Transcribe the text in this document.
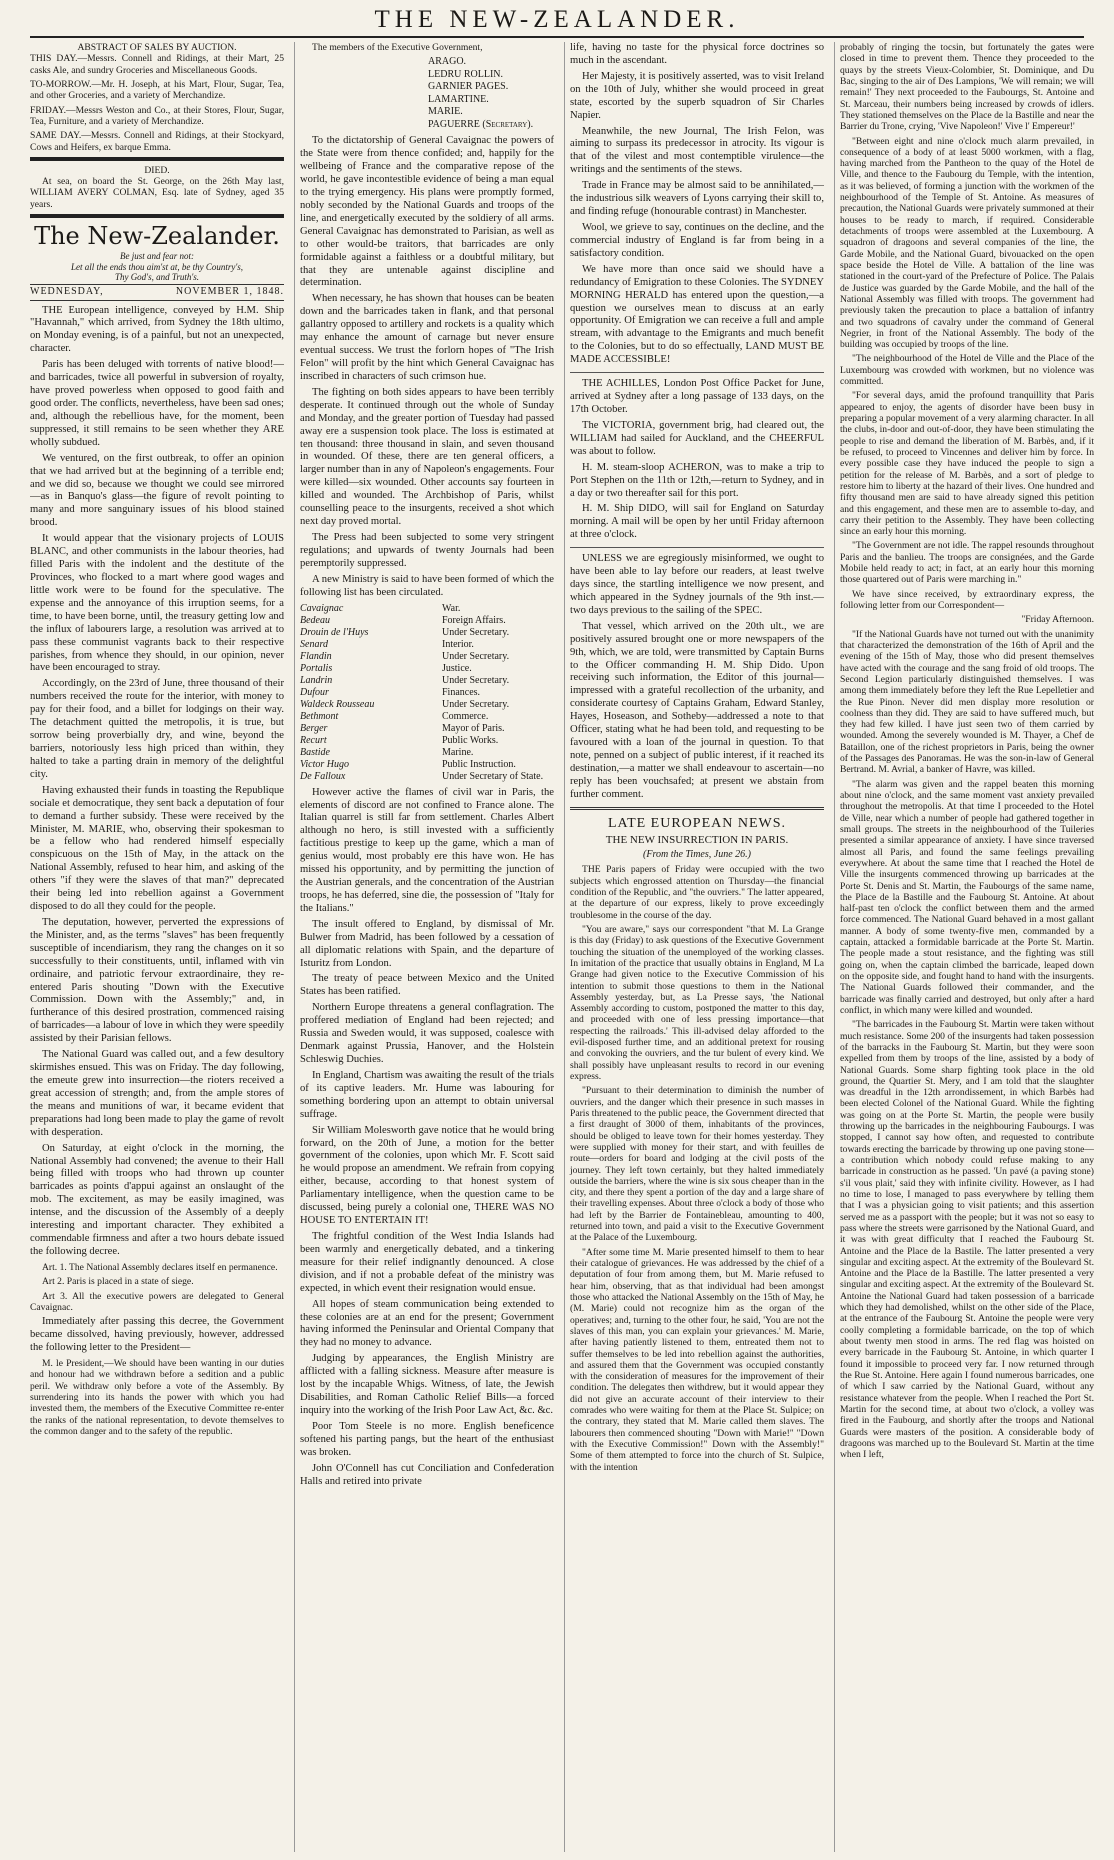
THE NEW-ZEALANDER.
ABSTRACT OF SALES BY AUCTION.

THIS DAY.—Messrs. Connell and Ridings, at their Mart, 25 casks Ale, and sundry Groceries and Miscellaneous Goods.

TO-MORROW.—Mr. H. Joseph, at his Mart, Flour, Sugar, Tea, and other Groceries, and a variety of Merchandize.

FRIDAY.—Messrs Weston and Co., at their Stores, Flour, Sugar, Tea, Furniture, and a variety of Merchandize.

SAME DAY.—Messrs. Connell and Ridings, at their Stockyard, Cows and Heifers, ex barque Emma.

DIED.

At sea, on board the St. George, on the 26th May last, WILLIAM AVERY COLMAN, Esq. late of Sydney, aged 35 years.

The New-Zealander.
Be just and fear not:
Let all the ends thou aim'st at, be thy Country's,
Thy God's, and Truth's.
WEDNESDAY,	NOVEMBER 1, 1848.

THE European intelligence, conveyed by H.M. Ship "Havannah," which arrived, from Sydney the 18th ultimo, on Monday evening, is of a painful, but not an unexpected, character.

Paris has been deluged with torrents of native blood!—and barricades, twice all powerful in subversion of royalty, have proved powerless when opposed to good faith and good order. The conflicts, nevertheless, have been sad ones; and, although the rebellious have, for the moment, been suppressed, it still remains to be seen whether they ARE wholly subdued.

We ventured, on the first outbreak, to offer an opinion that we had arrived but at the beginning of a terrible end; and we did so, because we thought we could see mirrored—as in Banquo's glass—the figure of revolt pointing to many and more sanguinary issues of his blood stained brood.

It would appear that the visionary projects of LOUIS BLANC, and other communists in the labour theories, had filled Paris with the indolent and the destitute of the Provinces, who flocked to a mart where good wages and little work were to be found for the speculative. The expense and the annoyance of this irruption seems, for a time, to have been borne, until, the treasury getting low and the influx of labourers large, a resolution was arrived at to pass these communist vagrants back to their respective parishes, from whence they should, in our opinion, never have been encouraged to stray.

Accordingly, on the 23rd of June, three thousand of their numbers received the route for the interior, with money to pay for their food, and a billet for lodgings on their way. The detachment quitted the metropolis, it is true, but sorrow being proverbially dry, and wine, beyond the barriers, notoriously less high priced than within, they halted to take a parting drain in memory of the delightful city.

Having exhausted their funds in toasting the Republique sociale et democratique, they sent back a deputation of four to demand a further subsidy. These were received by the Minister, M. MARIE, who, observing their spokesman to be a fellow who had rendered himself especially conspicuous on the 15th of May, in the attack on the National Assembly, refused to hear him, and asking of the others "if they were the slaves of that man?" deprecated their being led into rebellion against a Government disposed to do all they could for the people.

The deputation, however, perverted the expressions of the Minister, and, as the terms "slaves" has been frequently susceptible of incendiarism, they rang the changes on it so successfully to their constituents, until, inflamed with vin ordinaire, and patriotic fervour extraordinaire, they re-entered Paris shouting "Down with the Executive Commission. Down with the Assembly;" and, in furtherance of this desired prostration, commenced raising of barricades—a labour of love in which they were speedily assisted by their Parisian fellows.

The National Guard was called out, and a few desultory skirmishes ensued. This was on Friday. The day following, the emeute grew into insurrection—the rioters received a great accession of strength; and, from the ample stores of the means and munitions of war, it became evident that preparations had long been made to play the game of revolt with desperation.

On Saturday, at eight o'clock in the morning, the National Assembly had convened; the avenue to their Hall being filled with troops who had thrown up counter barricades as points d'appui against an onslaught of the mob. The excitement, as may be easily imagined, was intense, and the discussion of the Assembly of a deeply interesting and important character. They exhibited a commendable firmness and after a two hours debate issued the following decree.

Art. 1. The National Assembly declares itself en permanence.

Art 2. Paris is placed in a state of siege.

Art 3. All the executive powers are delegated to General Cavaignac.

Immediately after passing this decree, the Government became dissolved, having previously, however, addressed the following letter to the President—

M. le President,—We should have been wanting in our duties and honour had we withdrawn before a sedition and a public peril. We withdraw only before a vote of the Assembly. By surrendering into its hands the power with which you had invested them, the members of the Executive Committee re-enter the ranks of the national representation, to devote themselves to the common danger and to the safety of the republic.

The members of the Executive Government,

ARAGO.
LEDRU ROLLIN.
GARNIER PAGES.
LAMARTINE.
MARIE.
PAGUERRE (Secretary).

To the dictatorship of General Cavaignac the powers of the State were from thence confided; and, happily for the wellbeing of France and the comparative repose of the world, he gave incontestible evidence of being a man equal to the trying emergency. His plans were promptly formed, nobly seconded by the National Guards and troops of the line, and energetically executed by the soldiery of all arms. General Cavaignac has demonstrated to Parisian, as well as to other would-be traitors, that barricades are only formidable against a faithless or a doubtful military, but that they are untenable against discipline and determination.

When necessary, he has shown that houses can be beaten down and the barricades taken in flank, and that personal gallantry opposed to artillery and rockets is a quality which may enhance the amount of carnage but never ensure eventual success. We trust the forlorn hopes of "The Irish Felon" will profit by the hint which General Cavaignac has inscribed in characters of such crimson hue.

The fighting on both sides appears to have been terribly desperate. It continued through out the whole of Sunday and Monday, and the greater portion of Tuesday had passed away ere a suspension took place. The loss is estimated at ten thousand: three thousand in slain, and seven thousand in wounded. Of these, there are ten general officers, a larger number than in any of Napoleon's engagements. Four were killed—six wounded. Other accounts say fourteen in killed and wounded. The Archbishop of Paris, whilst counselling peace to the insurgents, received a shot which next day proved mortal.

The Press had been subjected to some very stringent regulations; and upwards of twenty Journals had been peremptorily suppressed.

A new Ministry is said to have been formed of which the following list has been circulated.

Cavaignac	War.
Bedeau	Foreign Affairs.
Drouin de l'Huys	Under Secretary.
Senard	Interior.
Flandin	Under Secretary.
Portalis	Justice.
Landrin	Under Secretary.
Dufour	Finances.
Waldeck Rousseau	Under Secretary.
Bethmont	Commerce.
Berger	Mayor of Paris.
Recurt	Public Works.
Bastide	Marine.
Victor Hugo	Public Instruction.
De Falloux	Under Secretary of State.

However active the flames of civil war in Paris, the elements of discord are not confined to France alone. The Italian quarrel is still far from settlement. Charles Albert although no hero, is still invested with a sufficiently factitious prestige to keep up the game, which a man of genius would, most probably ere this have won. He has missed his opportunity, and by permitting the junction of the Austrian generals, and the concentration of the Austrian troops, he has deferred, sine die, the possession of "Italy for the Italians."

The insult offered to England, by dismissal of Mr. Bulwer from Madrid, has been followed by a cessation of all diplomatic relations with Spain, and the departure of Isturitz from London.

The treaty of peace between Mexico and the United States has been ratified.

Northern Europe threatens a general conflagration. The proffered mediation of England had been rejected; and Russia and Sweden would, it was supposed, coalesce with Denmark against Prussia, Hanover, and the Holstein Schleswig Duchies.

In England, Chartism was awaiting the result of the trials of its captive leaders. Mr. Hume was labouring for something bordering upon an attempt to obtain universal suffrage.

Sir William Molesworth gave notice that he would bring forward, on the 20th of June, a motion for the better government of the colonies, upon which Mr. F. Scott said he would propose an amendment. We refrain from copying either, because, according to that honest system of Parliamentary intelligence, when the question came to be discussed, being purely a colonial one, THERE WAS NO HOUSE TO ENTERTAIN IT!

The frightful condition of the West India Islands had been warmly and energetically debated, and a tinkering measure for their relief indignantly denounced. A close division, and if not a probable defeat of the ministry was expected, in which event their resignation would ensue.

All hopes of steam communication being extended to these colonies are at an end for the present; Government having informed the Peninsular and Oriental Company that they had no money to advance.

Judging by appearances, the English Ministry are afflicted with a falling sickness. Measure after measure is lost by the incapable Whigs. Witness, of late, the Jewish Disabilities, and Roman Catholic Relief Bills—a forced inquiry into the working of the Irish Poor Law Act, &c. &c.

Poor Tom Steele is no more. English beneficence softened his parting pangs, but the heart of the enthusiast was broken.

John O'Connell has cut Conciliation and Confederation Halls and retired into private

life, having no taste for the physical force doctrines so much in the ascendant.

Her Majesty, it is positively asserted, was to visit Ireland on the 10th of July, whither she would proceed in great state, escorted by the superb squadron of Sir Charles Napier.

Meanwhile, the new Journal, The Irish Felon, was aiming to surpass its predecessor in atrocity. Its vigour is that of the vilest and most contemptible virulence—the writings and the sentiments of the stews.

Trade in France may be almost said to be annihilated,—the industrious silk weavers of Lyons carrying their skill to, and finding refuge (honourable contrast) in Manchester.

Wool, we grieve to say, continues on the decline, and the commercial industry of England is far from being in a satisfactory condition.

We have more than once said we should have a redundancy of Emigration to these Colonies. The SYDNEY MORNING HERALD has entered upon the question,—a question we ourselves mean to discuss at an early opportunity. Of Emigration we can receive a full and ample stream, with advantage to the Emigrants and much benefit to the Colonies, but to do so effectually, LAND MUST BE MADE ACCESSIBLE!

THE ACHILLES, London Post Office Packet for June, arrived at Sydney after a long passage of 133 days, on the 17th October.

The VICTORIA, government brig, had cleared out, the WILLIAM had sailed for Auckland, and the CHEERFUL was about to follow.

H. M. steam-sloop ACHERON, was to make a trip to Port Stephen on the 11th or 12th,—return to Sydney, and in a day or two thereafter sail for this port.

H. M. Ship DIDO, will sail for England on Saturday morning. A mail will be open by her until Friday afternoon at three o'clock.

UNLESS we are egregiously misinformed, we ought to have been able to lay before our readers, at least twelve days since, the startling intelligence we now present, and which appeared in the Sydney journals of the 9th inst.—two days previous to the sailing of the SPEC.

That vessel, which arrived on the 20th ult., we are positively assured brought one or more newspapers of the 9th, which, we are told, were transmitted by Captain Burns to the Officer commanding H. M. Ship Dido. Upon receiving such information, the Editor of this journal—impressed with a grateful recollection of the urbanity, and considerate courtesy of Captains Graham, Edward Stanley, Hayes, Hoseason, and Sotheby—addressed a note to that Officer, stating what he had been told, and requesting to be favoured with a loan of the journal in question. To that note, penned on a subject of public interest, if it reached its destination,—a matter we shall endeavour to ascertain—no reply has been vouchsafed; at present we abstain from further comment.

LATE EUROPEAN NEWS.
THE NEW INSURRECTION IN PARIS.
(From the Times, June 26.)

THE Paris papers of Friday were occupied with the two subjects which engrossed attention on Thursday—the financial condition of the Republic, and "the ouvriers." The latter appeared, at the departure of our express, likely to prove exceedingly troublesome in the course of the day.

"You are aware," says our correspondent "that M. La Grange is this day (Friday) to ask questions of the Executive Government touching the situation of the unemployed of the working classes. In imitation of the practice that usually obtains in England, M La Grange had given notice to the Executive Commission of his intention to submit those questions to them in the National Assembly yesterday, but, as La Presse says, 'the National Assembly according to custom, postponed the matter to this day, and proceeded with one of less pressing importance—that respecting the railroads.' This ill-advised delay afforded to the evil-disposed further time, and an additional pretext for rousing and convoking the ouvriers, and the tur bulent of every kind. We shall possibly have unpleasant results to record in our evening express.

"Pursuant to their determination to diminish the number of ouvriers, and the danger which their presence in such masses in Paris threatened to the public peace, the Government directed that a first draught of 3000 of them, inhabitants of the provinces, should be obliged to leave town for their homes yesterday. They were supplied with money for their start, and with feuilles de route—orders for board and lodging at the civil posts of the journey. They left town certainly, but they halted immediately outside the barriers, where the wine is six sous cheaper than in the city, and there they spent a portion of the day and a large share of their travelling expenses. About three o'clock a body of those who had left by the Barrier de Fontainebleau, amounting to 400, returned into town, and paid a visit to the Executive Government at the Palace of the Luxembourg.

"After some time M. Marie presented himself to them to hear their catalogue of grievances. He was addressed by the chief of a deputation of four from among them, but M. Marie refused to hear him, observing, that as that individual had been amongst those who attacked the National Assembly on the 15th of May, he (M. Marie) could not recognize him as the organ of the operatives; and, turning to the other four, he said, 'You are not the slaves of this man, you can explain your grievances.' M. Marie, after having patiently listened to them, entreated them not to suffer themselves to be led into rebellion against the authorities, and assured them that the Government was occupied constantly with the consideration of measures for the improvement of their condition. The delegates then withdrew, but it would appear they did not give an accurate account of their interview to their comrades who were waiting for them at the Place St. Sulpice; on the contrary, they stated that M. Marie called them slaves. The labourers then commenced shouting "Down with Marie!" "Down with the Executive Commission!" Down with the Assembly!" Some of them attempted to force into the church of St. Sulpice, with the intention

probably of ringing the tocsin, but fortunately the gates were closed in time to prevent them. Thence they proceeded to the quays by the streets Vieux-Colombier, St. Dominique, and Du Bac, singing to the air of Des Lampions, 'We will remain; we will remain!' They next proceeded to the Faubourgs, St. Antoine and St. Marceau, their numbers being increased by crowds of idlers. They stationed themselves on the Place de la Bastille and near the Barrier du Trone, crying, 'Vive Napoleon!' Vive l' Empereur!'

"Between eight and nine o'clock much alarm prevailed, in consequence of a body of at least 5000 workmen, with a flag, having marched from the Pantheon to the quay of the Hotel de Ville, and thence to the Faubourg du Temple, with the intention, as it was believed, of forming a junction with the workmen of the neighbourhood of the Temple of St. Antoine. As measures of precaution, the National Guards were privately summoned at their houses to be ready to march, if required. Considerable detachments of troops were assembled at the Luxembourg. A squadron of dragoons and several companies of the line, the Garde Mobile, and the National Guard, bivouacked on the open space beside the Hotel de Ville. A battalion of the line was stationed in the court-yard of the Prefecture of Police. The Palais de Justice was guarded by the Garde Mobile, and the hall of the National Assembly was filled with troops. The government had previously taken the precaution to place a battalion of infantry and two squadrons of cavalry under the command of General Negrier, in front of the National Assembly. The body of the building was occupied by troops of the line.

"The neighbourhood of the Hotel de Ville and the Place of the Luxembourg was crowded with workmen, but no violence was committed.

"For several days, amid the profound tranquillity that Paris appeared to enjoy, the agents of disorder have been busy in preparing a popular movement of a very alarming character. In all the clubs, in-door and out-of-door, they have been stimulating the people to rise and demand the liberation of M. Barbès, and, if it be refused, to proceed to Vincennes and deliver him by force. In every possible case they have induced the people to sign a petition for the release of M. Barbès, and a sort of pledge to restore him to liberty at the hazard of their lives. One hundred and fifty thousand men are said to have already signed this petition and this engagement, and these men are to assemble to-day, and carry their petition to the Assembly. They have been collecting since an early hour this morning.

"The Government are not idle. The rappel resounds throughout Paris and the banlieu. The troops are consignées, and the Garde Mobile held ready to act; in fact, at an early hour this morning those quartered out of Paris were marching in."

We have since received, by extraordinary express, the following letter from our Correspondent—

"Friday Afternoon.

"If the National Guards have not turned out with the unanimity that characterized the demonstration of the 16th of April and the evening of the 15th of May, those who did present themselves have acted with the courage and the sang froid of old troops. The Second Legion particularly distinguished themselves. I was among them immediately before they left the Rue Lepelletier and the Rue Pinon. Never did men display more resolution or coolness than they did. They are said to have suffered much, but they had few killed. I have just seen two of them carried by wounded. Among the severely wounded is M. Thayer, a Chef de Bataillon, one of the richest proprietors in Paris, being the owner of the Passages des Panoramas. He was the son-in-law of General Bertrand. M. Avrial, a banker of Havre, was killed.

"The alarm was given and the rappel beaten this morning about nine o'clock, and the same moment vast anxiety prevailed throughout the metropolis. At that time I proceeded to the Hotel de Ville, near which a number of people had gathered together in small groups. The streets in the neighbourhood of the Tuileries presented a similar appearance of anxiety. I have since traversed almost all Paris, and found the same feelings prevailing everywhere. At about the same time that I reached the Hotel de Ville the insurgents commenced throwing up barricades at the Porte St. Denis and St. Martin, the Faubourgs of the same name, the Place de la Bastille and the Faubourg St. Antoine. At about half-past ten o'clock the conflict between them and the armed force commenced. The National Guard behaved in a most gallant manner. A body of some twenty-five men, commanded by a captain, attacked a formidable barricade at the Porte St. Martin. The people made a stout resistance, and the fighting was still going on, when the captain climbed the barricade, leaped down on the opposite side, and fought hand to hand with the insurgents. The National Guards followed their commander, and the barricade was finally carried and destroyed, but only after a hard conflict, in which many were killed and wounded.

"The barricades in the Faubourg St. Martin were taken without much resistance. Some 200 of the insurgents had taken possession of the barracks in the Faubourg St. Martin, but they were soon expelled from them by troops of the line, assisted by a body of National Guards. Some sharp fighting took place in the old ground, the Quartier St. Mery, and I am told that the slaughter was dreadful in the 12th arrondissement, in which Barbès had been elected Colonel of the National Guard. While the fighting was going on at the Porte St. Martin, the people were busily throwing up the barricades in the neighbouring Faubourgs. I was stopped, I cannot say how often, and requested to contribute towards erecting the barricade by throwing up one paving stone—a contribution which nobody could refuse making to any barricade in construction as he passed. 'Un pavé (a paving stone) s'il vous plait,' said they with infinite civility. However, as I had no time to lose, I managed to pass everywhere by telling them that I was a physician going to visit patients; and this assertion served me as a passport with the people; but it was not so easy to pass where the streets were garrisoned by the National Guard, and it was with great difficulty that I reached the Faubourg St. Antoine and the Place de la Bastile. The latter presented a very singular and exciting aspect. At the extremity of the Boulevard St. Antoine and the Place de la Bastille. The latter presented a very singular and exciting aspect. At the extremity of the Boulevard St. Antoine the National Guard had taken possession of a barricade which they had demolished, whilst on the other side of the Place, at the entrance of the Faubourg St. Antoine the people were very coolly completing a formidable barricade, on the top of which about twenty men stood in arms. The red flag was hoisted on every barricade in the Faubourg St. Antoine, in which quarter I found it impossible to proceed very far. I now returned through the Rue St. Antoine. Here again I found numerous barricades, one of which I saw carried by the National Guard, without any resistance whatever from the people. When I reached the Port St. Martin for the second time, at about two o'clock, a volley was fired in the Faubourg, and shortly after the troops and National Guards were masters of the position. A considerable body of dragoons was marched up to the Boulevard St. Martin at the time when I left,
